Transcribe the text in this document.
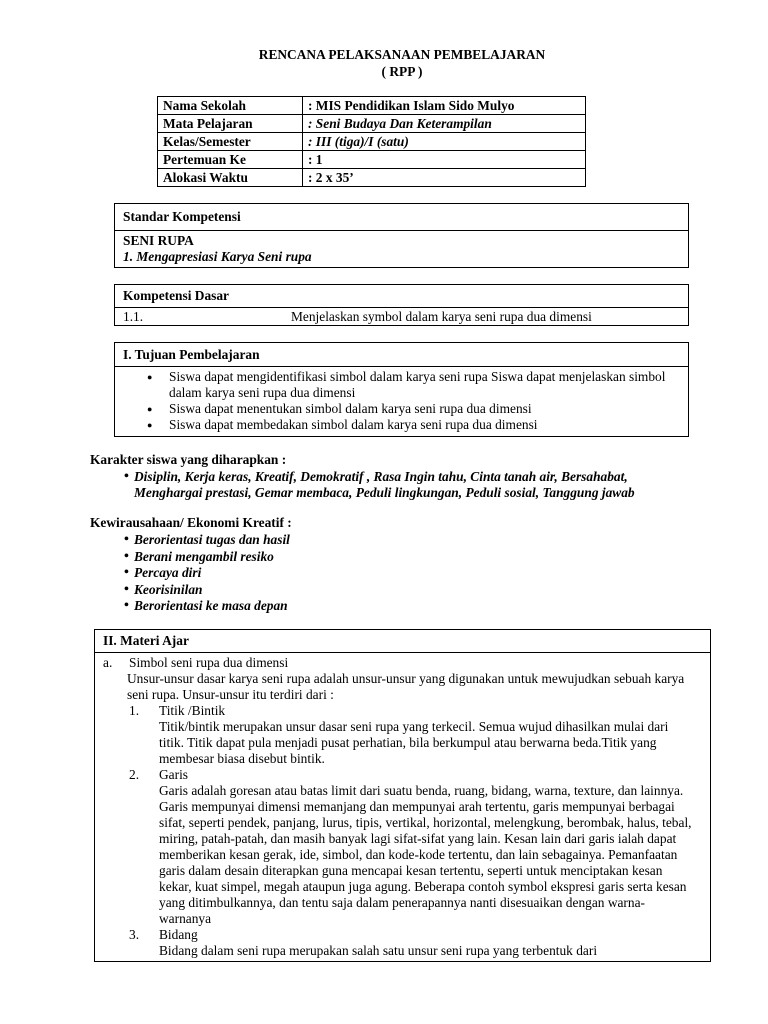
RENCANA PELAKSANAAN PEMBELAJARAN
( RPP )
Nama Sekolah	: MIS Pendidikan Islam Sido Mulyo
Mata Pelajaran	: Seni Budaya Dan Keterampilan
Kelas/Semester	: III (tiga)/I (satu)
Pertemuan Ke	: 1
Alokasi Waktu	: 2 x 35’
Standar Kompetensi
SENI RUPA
1. Mengapresiasi Karya Seni rupa
Kompetensi Dasar
1.1.	Menjelaskan symbol dalam karya seni rupa dua dimensi
I. Tujuan Pembelajaran
● Siswa dapat mengidentifikasi simbol dalam karya seni rupa Siswa dapat menjelaskan simbol dalam karya seni rupa dua dimensi
● Siswa dapat menentukan simbol dalam karya seni rupa dua dimensi
● Siswa dapat membedakan simbol dalam karya seni rupa dua dimensi
Karakter siswa yang diharapkan :
• Disiplin, Kerja keras, Kreatif, Demokratif , Rasa Ingin tahu, Cinta tanah air, Bersahabat,
Menghargai prestasi, Gemar membaca, Peduli lingkungan, Peduli sosial, Tanggung jawab
Kewirausahaan/ Ekonomi Kreatif :
• Berorientasi tugas dan hasil
• Berani mengambil resiko
• Percaya diri
• Keorisinilan
• Berorientasi ke masa depan
II. Materi Ajar
a. Simbol seni rupa dua dimensi
Unsur-unsur dasar karya seni rupa adalah unsur-unsur yang digunakan untuk mewujudkan sebuah karya seni rupa. Unsur-unsur itu terdiri dari :
1. Titik /Bintik
Titik/bintik merupakan unsur dasar seni rupa yang terkecil. Semua wujud dihasilkan mulai dari titik. Titik dapat pula menjadi pusat perhatian, bila berkumpul atau berwarna beda.Titik yang membesar biasa disebut bintik.
2. Garis
Garis adalah goresan atau batas limit dari suatu benda, ruang, bidang, warna, texture, dan lainnya. Garis mempunyai dimensi memanjang dan mempunyai arah tertentu, garis mempunyai berbagai sifat, seperti pendek, panjang, lurus, tipis, vertikal, horizontal, melengkung, berombak, halus, tebal, miring, patah-patah, dan masih banyak lagi sifat-sifat yang lain. Kesan lain dari garis ialah dapat memberikan kesan gerak, ide, simbol, dan kode-kode tertentu, dan lain sebagainya. Pemanfaatan garis dalam desain diterapkan guna mencapai kesan tertentu, seperti untuk menciptakan kesan kekar, kuat simpel, megah ataupun juga agung. Beberapa contoh symbol ekspresi garis serta kesan yang ditimbulkannya, dan tentu saja dalam penerapannya nanti disesuaikan dengan warna-warnanya
3. Bidang
Bidang dalam seni rupa merupakan salah satu unsur seni rupa yang terbentuk dari
